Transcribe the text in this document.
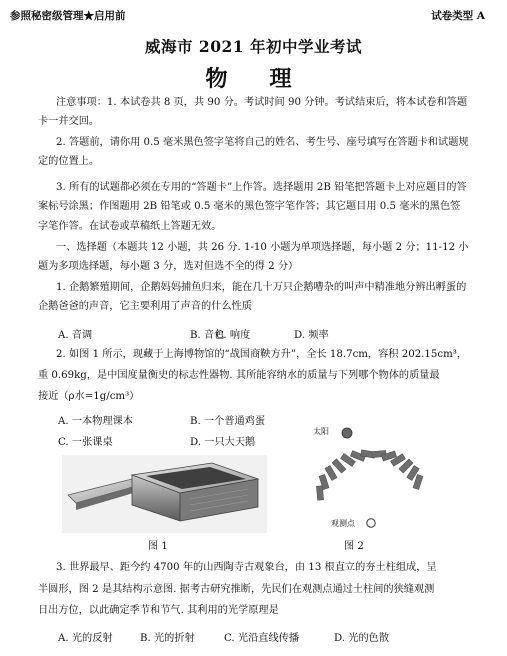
参照秘密级管理★启用前	试卷类型 A
威海市 2021 年初中学业考试
物　理
注意事项：1. 本试卷共 8 页，共 90 分。考试时间 90 分钟。考试结束后，将本试卷和答题卡一并交回。
2. 答题前，请你用 0.5 毫米黑色签字笔将自己的姓名、考生号、座号填写在答题卡和试题规定的位置上。
3. 所有的试题都必须在专用的“答题卡”上作答。选择题用 2B 铅笔把答题卡上对应题目的答案标号涂黑；作图题用 2B 铅笔或 0.5 毫米的黑色签字笔作答；其它题目用 0.5 毫米的黑色签字笔作答。在试卷或草稿纸上答题无效。
一、选择题（本题共 12 小题，共 26 分. 1-10 小题为单项选择题，每小题 2 分；11-12 小题为多项选择题，每小题 3 分，选对但选不全的得 2 分）
1. 企鹅繁殖期间，企鹅妈妈捕鱼归来，能在几十万只企鹅嘈杂的叫声中精准地分辨出孵蛋的企鹅爸爸的声音，它主要利用了声音的什么性质
A. 音调	B. 音色
C. 响度	D. 频率
2. 如图 1 所示，现藏于上海博物馆的“战国商鞅方升”，全长 18.7cm，容积 202.15cm³，
重 0.69kg，是中国度量衡史的标志性器物. 其所能容纳水的质量与下列哪个物体的质量最
接近（ρ水=1g/cm³）
A. 一本物理课本	B. 一个普通鸡蛋
C. 一张课桌	D. 一只大天鹅
图 1
太阳
观测点
图 2
3. 世界最早、距今约 4700 年的山西陶寺古观象台，由 13 根直立的夯土柱组成，呈
半圆形，图 2 是其结构示意图. 据考古研究推断，先民们在观测点通过土柱间的狭缝观测
日出方位，以此确定季节和节气. 其利用的光学原理是
A. 光的反射	B. 光的折射	C. 光沿直线传播	D. 光的色散
